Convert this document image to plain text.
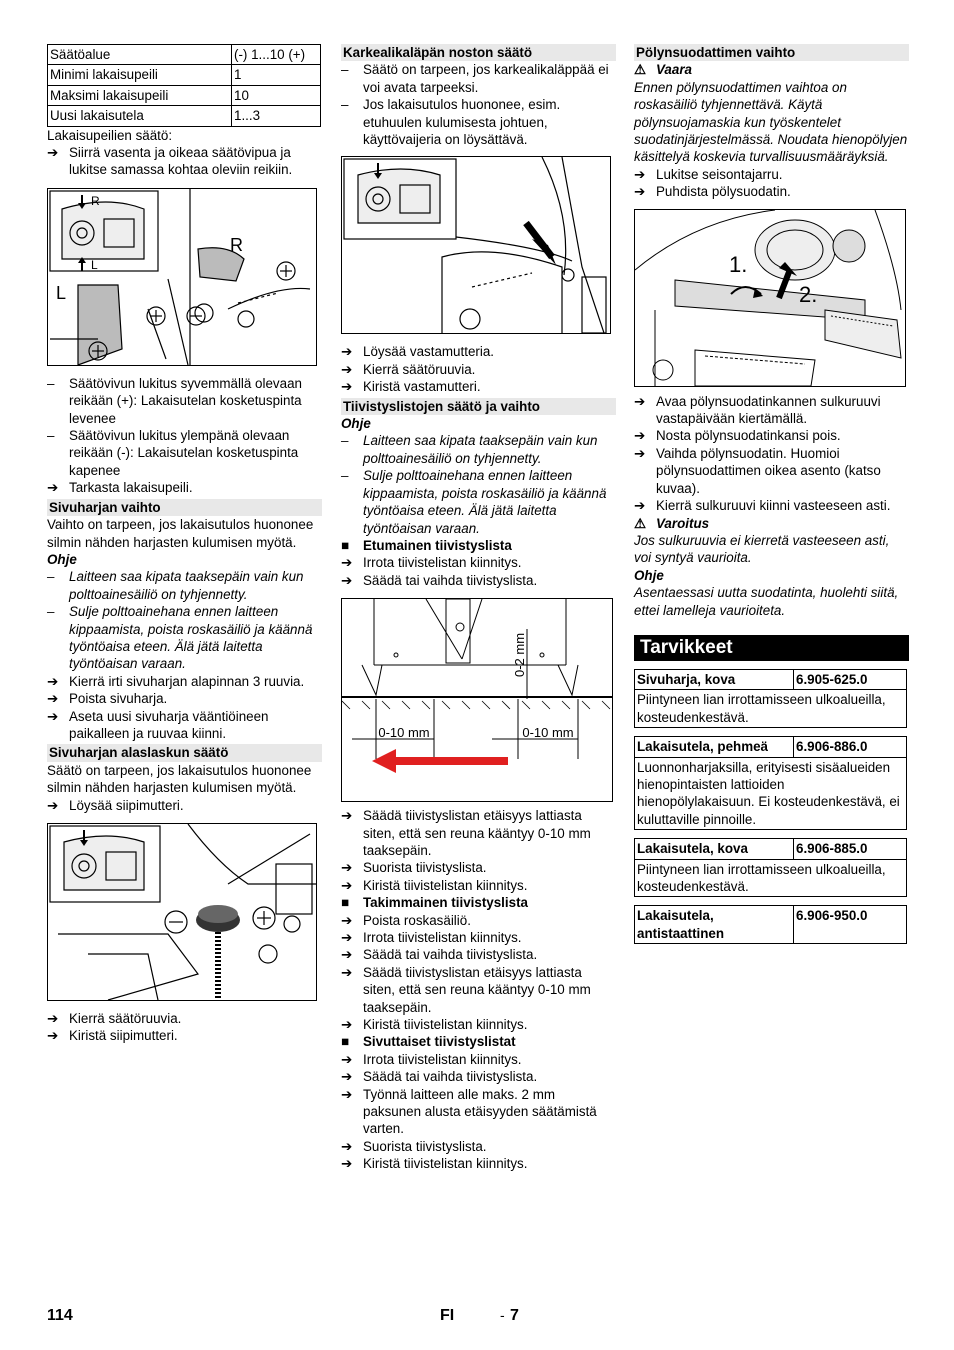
Säätöalue	(-) 1...10 (+)
Minimi lakaisupeili	1
Maksimi lakaisupeili	10
Uusi lakaisutela	1...3

Lakaisupeilien säätö:

➔ Siirrä vasenta ja oikeaa säätövipua ja lukitse samassa kohtaa oleviin reikiin.
R
L
R
L
–	Säätövivun lukitus syvemmällä olevaan reikään (+): Lakaisutelan kosketuspinta levenee
–	Säätövivun lukitus ylempänä olevaan reikään (-): Lakaisutelan kosketuspinta kapenee
➔ Tarkasta lakaisupeili.

Sivuharjan vaihto

Vaihto on tarpeen, jos lakaisutulos huononee silmin nähden harjasten kulumisen myötä.

Ohje

–	Laitteen saa kipata taaksepäin vain kun polttoainesäiliö on tyhjennetty.
–	Sulje polttoainehana ennen laitteen kippaamista, poista roskasäiliö ja käännä työntöaisa eteen. Älä jätä laitetta työntöaisan varaan.
➔ Kierrä irti sivuharjan alapinnan 3 ruuvia.
➔ Poista sivuharja.
➔ Aseta uusi sivuharja vääntiöineen paikalleen ja ruuvaa kiinni.

Sivuharjan alaslaskun säätö

Säätö on tarpeen, jos lakaisutulos huononee silmin nähden harjasten kulumisen myötä.

➔ Löysää siipimutteri.
➔ Kierrä säätöruuvia.
➔ Kiristä siipimutteri.

Karkealikaläpän noston säätö

–	Säätö on tarpeen, jos karkealikaläppää ei voi avata tarpeeksi.
–	Jos lakaisutulos huononee, esim. etuhuulen kulumisesta johtuen, käyttövaijeria on löysättävä.
➔ Löysää vastamutteria.
➔ Kierrä säätöruuvia.
➔ Kiristä vastamutteri.

Tiivistyslistojen säätö ja vaihto

Ohje

–	Laitteen saa kipata taaksepäin vain kun polttoainesäiliö on tyhjennetty.
–	Sulje polttoainehana ennen laitteen kippaamista, poista roskasäiliö ja käännä työntöaisa eteen. Älä jätä laitetta työntöaisan varaan.
■	Etumainen tiivistyslista
➔ Irrota tiivistelistan kiinnitys.
➔ Säädä tai vaihda tiivistyslista.
0-2 mm
0-10 mm	0-10 mm
➔ Säädä tiivistyslistan etäisyys lattiasta siten, että sen reuna kääntyy 0-10 mm taaksepäin.
➔ Suorista tiivistyslista.
➔ Kiristä tiivistelistan kiinnitys.
■	Takimmainen tiivistyslista
➔ Poista roskasäiliö.
➔ Irrota tiivistelistan kiinnitys.
➔ Säädä tai vaihda tiivistyslista.
➔ Säädä tiivistyslistan etäisyys lattiasta siten, että sen reuna kääntyy 0-10 mm taaksepäin.
➔ Kiristä tiivistelistan kiinnitys.
■	Sivuttaiset tiivistyslistat
➔ Irrota tiivistelistan kiinnitys.
➔ Säädä tai vaihda tiivistyslista.
➔ Työnnä laitteen alle maks. 2 mm paksunen alusta etäisyyden säätämistä varten.
➔ Suorista tiivistyslista.
➔ Kiristä tiivistelistan kiinnitys.

Pölynsuodattimen vaihto

⚠ Vaara

Ennen pölynsuodattimen vaihtoa on roskasäiliö tyhjennettävä. Käytä pölynsuojamaskia kun työskentelet suodatinjärjestelmässä. Noudata hienopölyjen käsittelyä koskevia turvallisuusmääräyksiä.

➔ Lukitse seisontajarru.
➔ Puhdista pölysuodatin.
1.
2.
➔ Avaa pölynsuodatinkannen sulkuruuvi vastapäivään kiertämällä.
➔ Nosta pölynsuodatinkansi pois.
➔ Vaihda pölynsuodatin. Huomioi pölynsuodattimen oikea asento (katso kuvaa).
➔ Kierrä sulkuruuvi kiinni vasteeseen asti.
⚠ Varoitus

Jos sulkuruuvia ei kierretä vasteeseen asti, voi syntyä vaurioita.

Ohje

Asentaessasi uutta suodatinta, huolehti siitä, ettei lamelleja vaurioiteta.

Tarvikkeet
Sivuharja, kova	6.905-625.0
Piintyneen lian irrottamisseen ulkoalueilla, kosteudenkestävä.
Lakaisutela, pehmeä	6.906-886.0
Luonnonharjaksilla, erityisesti sisäalueiden hienopintaisten lattioiden hienopölylakaisuun. Ei kosteudenkestävä, ei kuluttaville pinnoille.
Lakaisutela, kova	6.906-885.0
Piintyneen lian irrottamisseen ulkoalueilla, kosteudenkestävä.
Lakaisutela, antistaattinen	6.906-950.0
114	FI	- 7
